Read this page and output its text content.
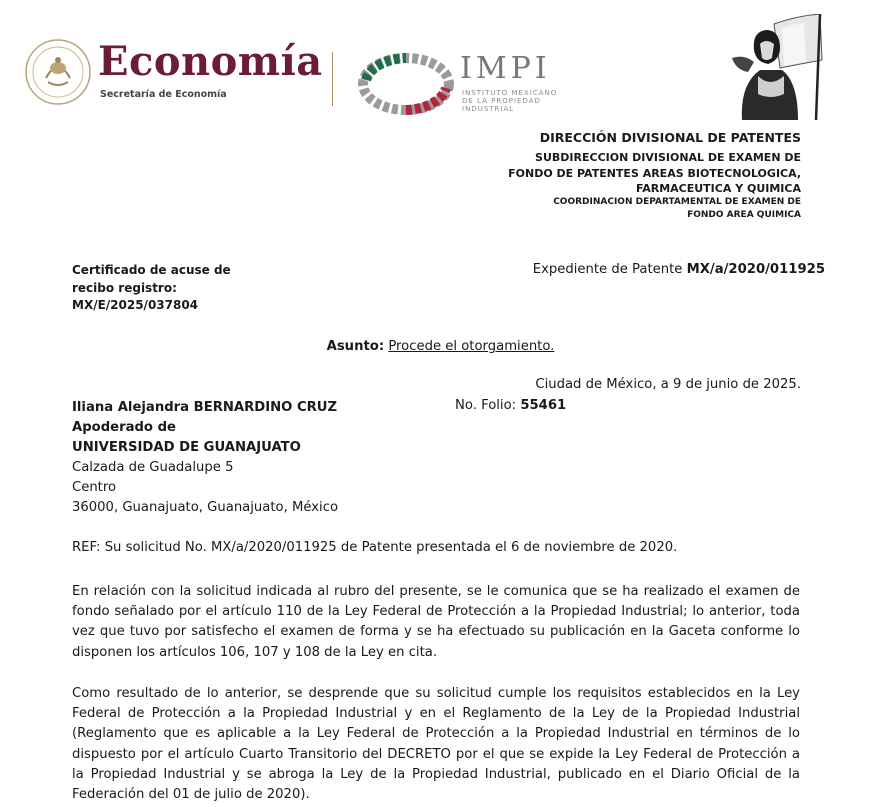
Economía
Secretaría de Economía
IMPI
INSTITUTO MEXICANO
DE LA PROPIEDAD
INDUSTRIAL
DIRECCIÓN DIVISIONAL DE PATENTES
SUBDIRECCION DIVISIONAL DE EXAMEN DE
FONDO DE PATENTES AREAS BIOTECNOLOGICA,
FARMACEUTICA Y QUIMICA
COORDINACION DEPARTAMENTAL DE EXAMEN DE
FONDO AREA QUIMICA
Certificado de acuse de
recibo registro:
MX/E/2025/037804
Expediente de Patente MX/a/2020/011925
Asunto: Procede el otorgamiento.
Ciudad de México, a 9 de junio de 2025.
No. Folio: 55461
Iliana Alejandra BERNARDINO CRUZ
Apoderado de
UNIVERSIDAD DE GUANAJUATO
Calzada de Guadalupe 5
Centro
36000, Guanajuato, Guanajuato, México
REF: Su solicitud No. MX/a/2020/011925 de Patente presentada el 6 de noviembre de 2020.
En relación con la solicitud indicada al rubro del presente, se le comunica que se ha realizado el examen de fondo señalado por el artículo 110 de la Ley Federal de Protección a la Propiedad Industrial; lo anterior, toda vez que tuvo por satisfecho el examen de forma y se ha efectuado su publicación en la Gaceta conforme lo disponen los artículos 106, 107 y 108 de la Ley en cita.
Como resultado de lo anterior, se desprende que su solicitud cumple los requisitos establecidos en la Ley Federal de Protección a la Propiedad Industrial y en el Reglamento de la Ley de la Propiedad Industrial (Reglamento que es aplicable a la Ley Federal de Protección a la Propiedad Industrial en términos de lo dispuesto por el artículo Cuarto Transitorio del DECRETO por el que se expide la Ley Federal de Protección a la Propiedad Industrial y se abroga la Ley de la Propiedad Industrial, publicado en el Diario Oficial de la Federación del 01 de julio de 2020).
